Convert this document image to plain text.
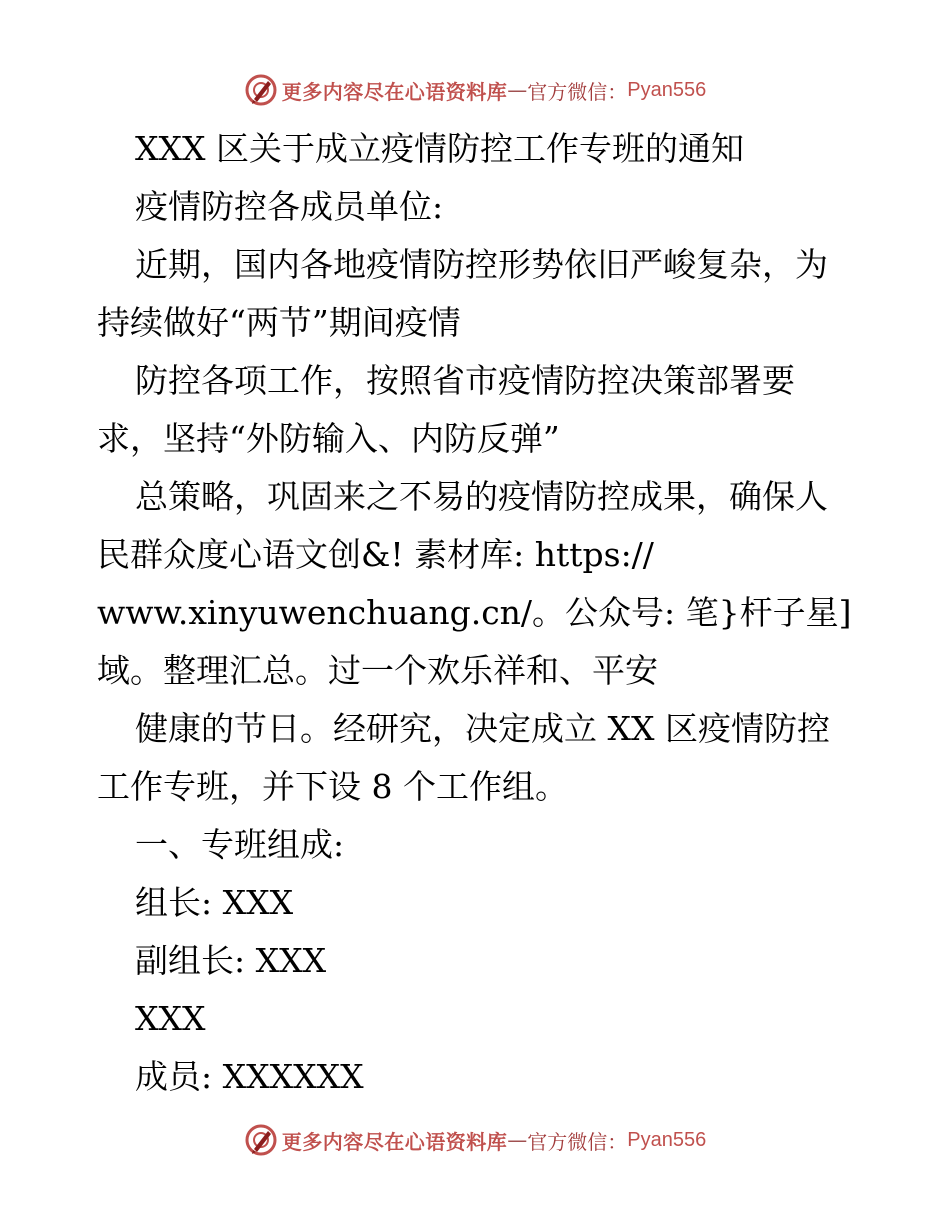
更多内容尽在心语资料库 — 官方微信： Pyan556
XXX 区关于成立疫情防控工作专班的通知
疫情防控各成员单位:
近期，国内各地疫情防控形势依旧严峻复杂，为
持续做好“两节”期间疫情
防控各项工作，按照省市疫情防控决策部署要
求，坚持“外防输入、内防反弹”
总策略，巩固来之不易的疫情防控成果，确保人
民群众度心语文创&! 素材库: https://
www.xinyuwenchuang.cn/。公众号: 笔}杆子星]
域。整理汇总。过一个欢乐祥和、平安
健康的节日。经研究，决定成立 XX 区疫情防控
工作专班，并下设 8 个工作组。
一、专班组成:
组长: XXX
副组长: XXX
XXX
成员: XXXXXX
更多内容尽在心语资料库 — 官方微信： Pyan556
